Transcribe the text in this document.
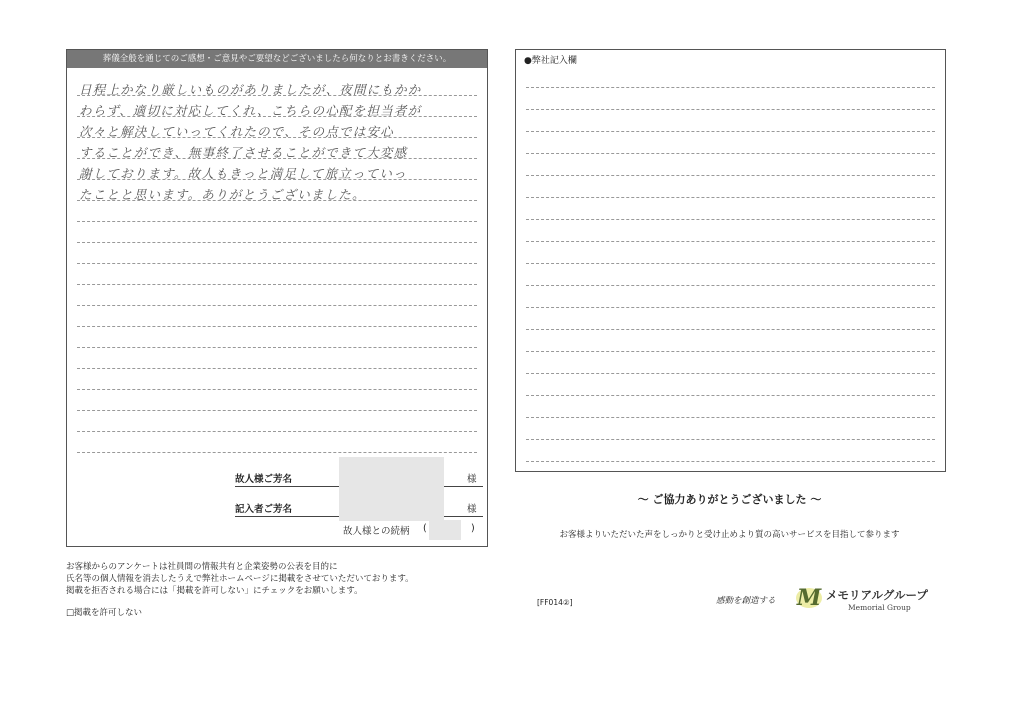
葬儀全般を通じてのご感想・ご意見やご要望などございましたら何なりとお書きください。
日程上かなり厳しいものがありましたが、夜間にもかか
わらず、適切に対応してくれ、こちらの心配を担当者が
次々と解決していってくれたので、その点では安心
することができ、無事終了させることができて大変感
謝しております。故人もきっと満足して旅立っていっ
たことと思います。ありがとうございました。
故人様ご芳名	様
記入者ご芳名	様
故人様との続柄 (	)
●弊社記入欄
～ ご協力ありがとうございました ～
お客様よりいただいた声をしっかりと受け止めより質の高いサービスを目指して参ります
お客様からのアンケートは社員間の情報共有と企業姿勢の公表を目的に
氏名等の個人情報を消去したうえで弊社ホームページに掲載をさせていただいております。
掲載を拒否される場合には「掲載を許可しない」にチェックをお願いします。
□掲載を許可しない
[FF014②]	感動を創造する M メモリアルグループ
Memorial Group
